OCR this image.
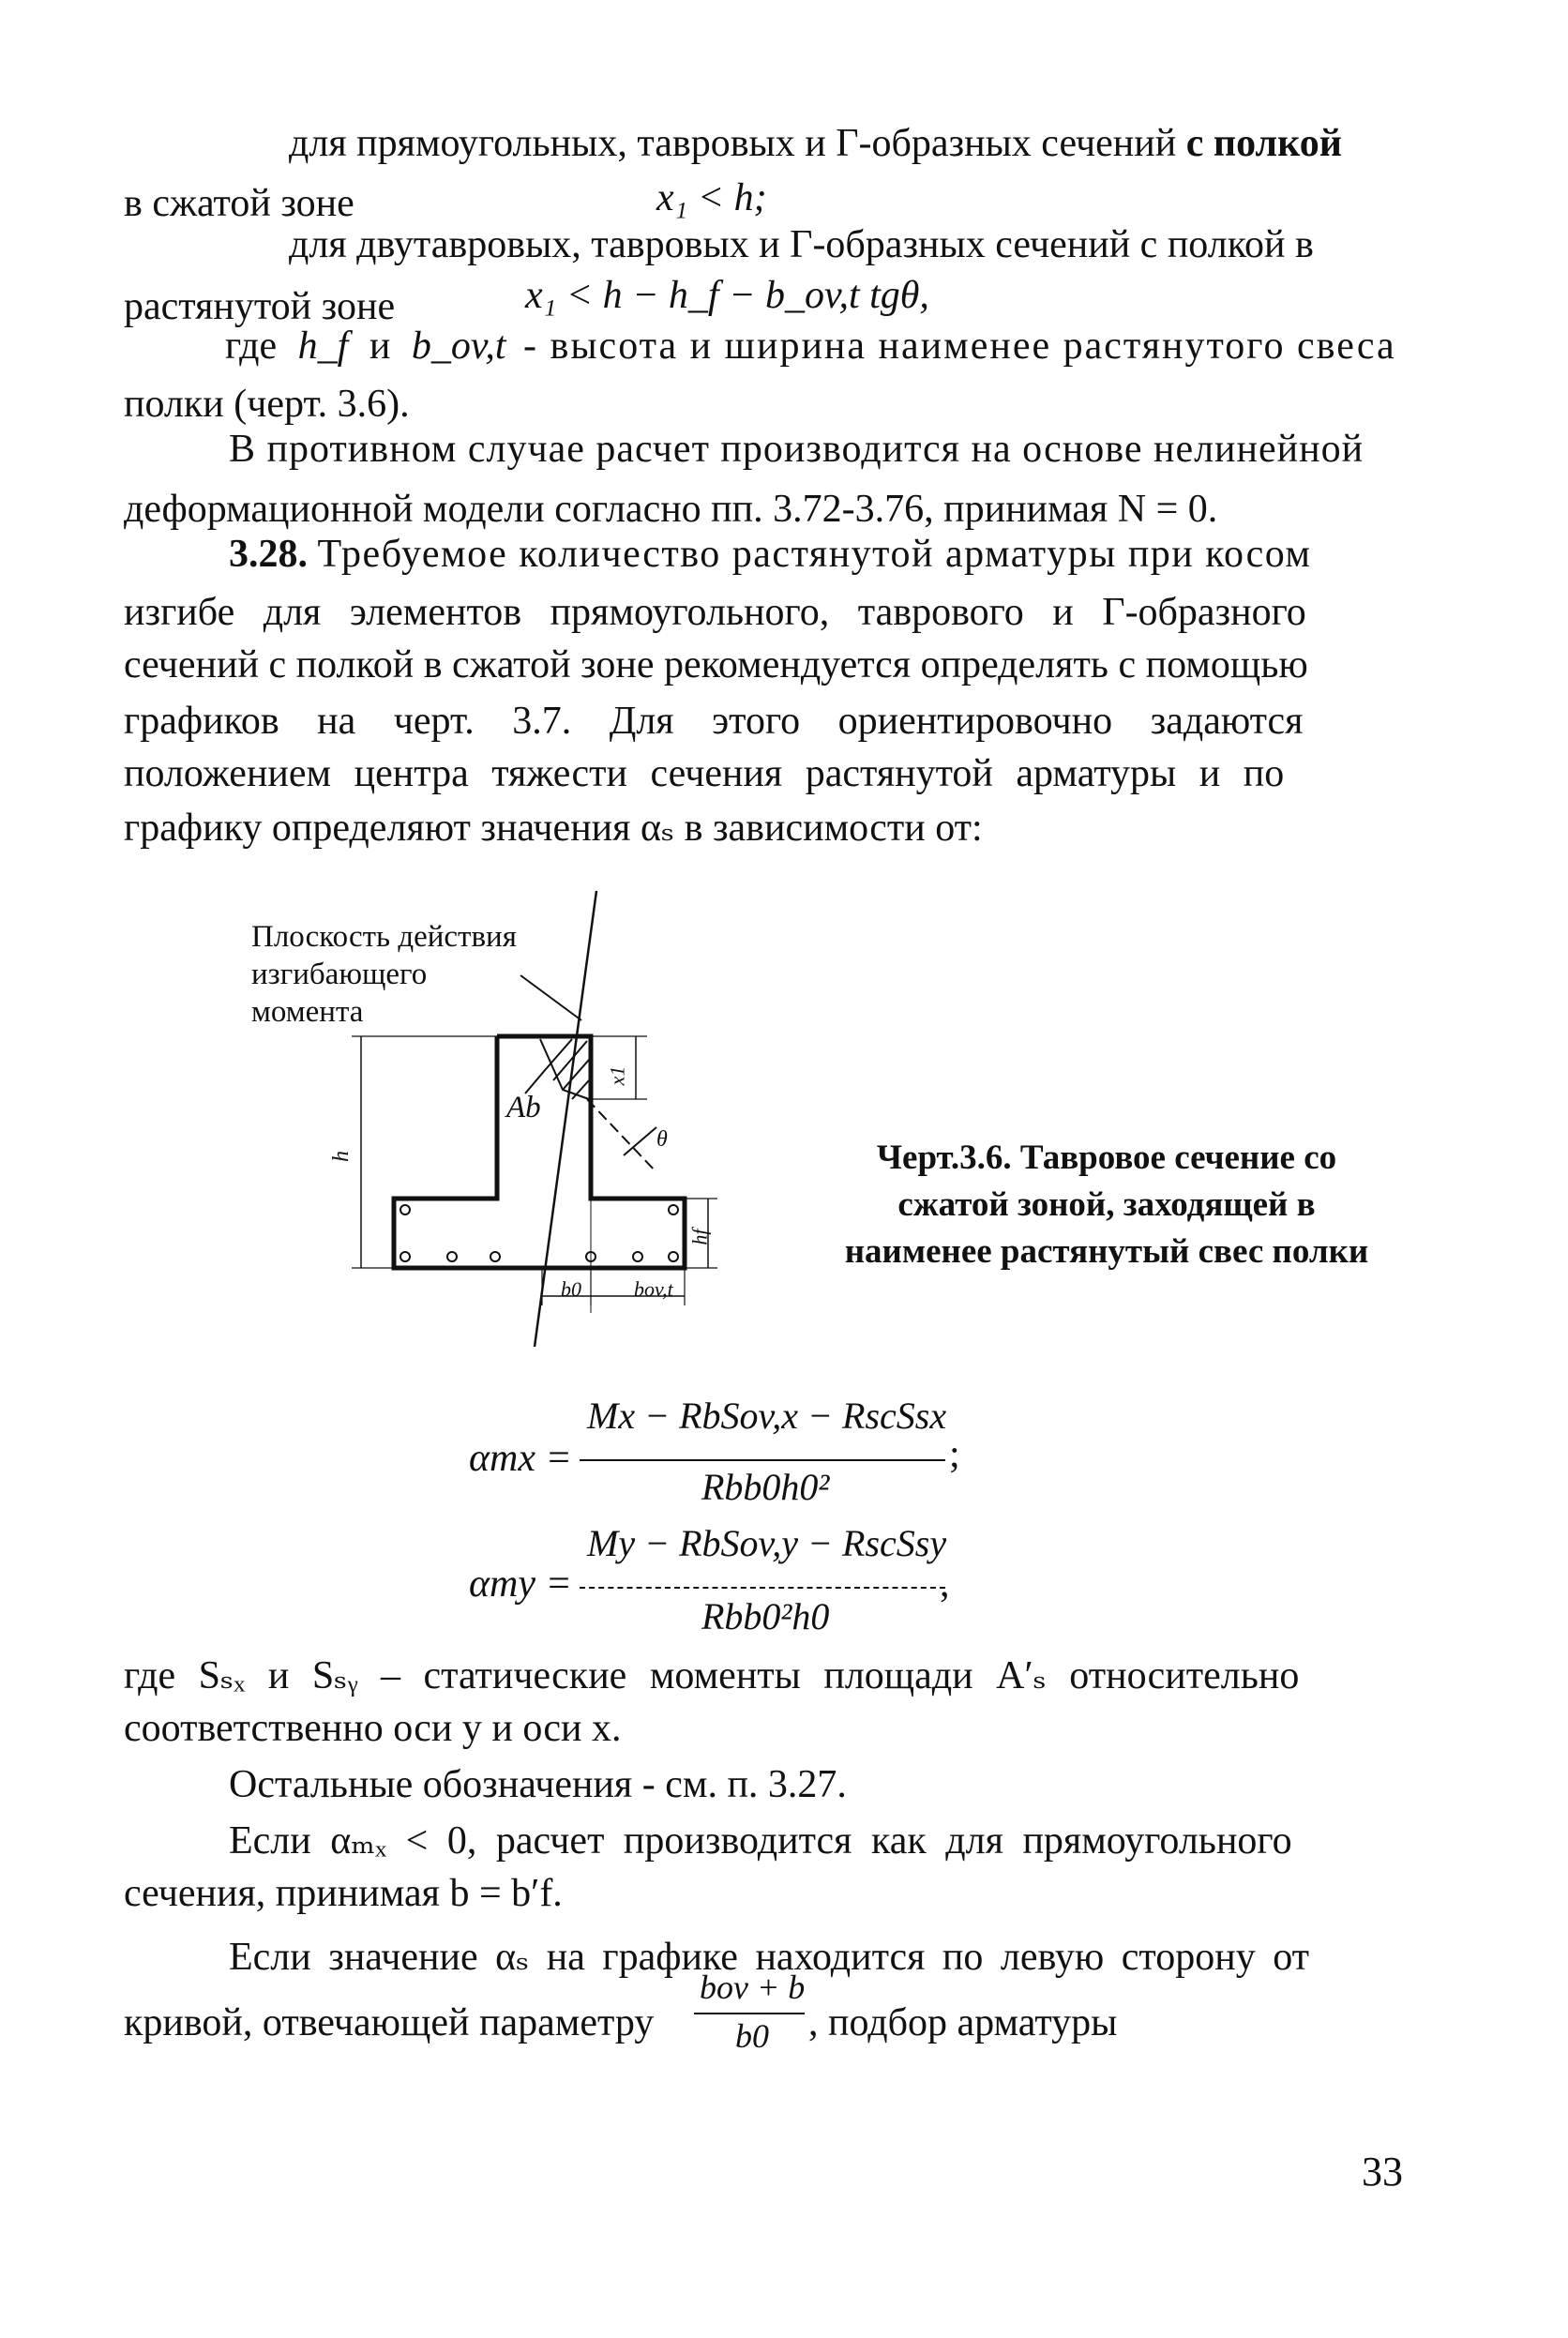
для прямоугольных, тавровых и Г-образных сечений с полкой
в сжатой зоне	x₁ < h;
для двутавровых, тавровых и Г-образных сечений с полкой в
растянутой зоне	x₁ < h − h_f − b_ov,t tgθ,
где h_f и b_ov,t - высота и ширина наименее растянутого свеса
полки (черт. 3.6).
В противном случае расчет производится на основе нелинейной
деформационной модели согласно пп. 3.72-3.76, принимая N = 0.
3.28. Требуемое количество растянутой арматуры при косом
изгибе для элементов прямоугольного, таврового и Г-образного
сечений с полкой в сжатой зоне рекомендуется определять с помощью
графиков на черт. 3.7. Для этого ориентировочно задаются
положением центра тяжести сечения растянутой арматуры и по
графику определяют значения αₛ в зависимости от:
Плоскость действия
изгибающего
момента
Ab
h
x1
θ
hf
b0	bov,t
Черт.3.6. Тавровое сечение со
сжатой зоной, заходящей в
наименее растянутый свес полки
αmx =
Mx − RbSov,x − RscSsx
Rbb0h0²
;
αmy =
My − RbSov,y − RscSsy
Rbb0²h0
,
где Sₛₓ и Sₛᵧ – статические моменты площади A′ₛ относительно
соответственно оси y и оси x.
Остальные обозначения - см. п. 3.27.
Если αₘₓ < 0, расчет производится как для прямоугольного
сечения, принимая b = b′f.
Если значение αₛ на графике находится по левую сторону от
кривой, отвечающей параметру
bov + b
b0 , подбор арматуры
33
